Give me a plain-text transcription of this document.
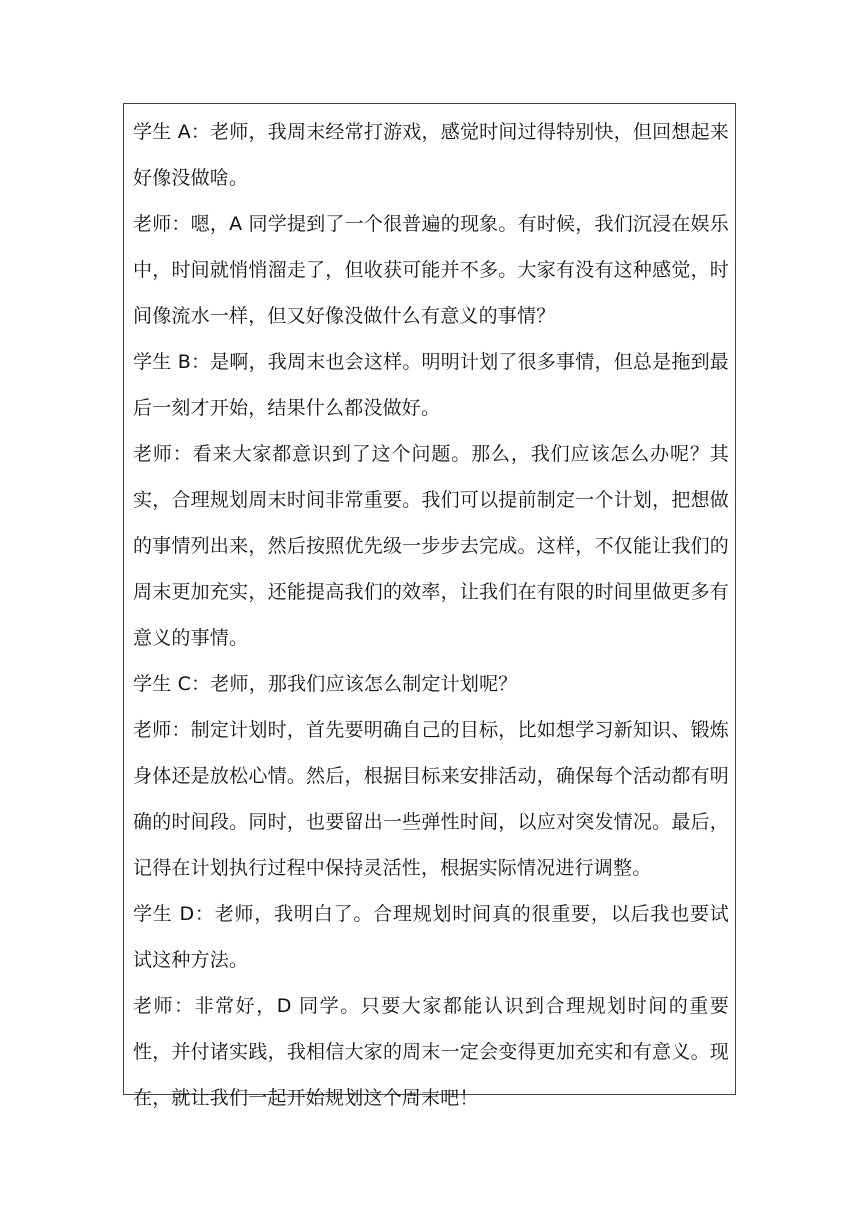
学生 A：老师，我周末经常打游戏，感觉时间过得特别快，但回想起来好像没做啥。

老师：嗯，A 同学提到了一个很普遍的现象。有时候，我们沉浸在娱乐中，时间就悄悄溜走了，但收获可能并不多。大家有没有这种感觉，时间像流水一样，但又好像没做什么有意义的事情？

学生 B：是啊，我周末也会这样。明明计划了很多事情，但总是拖到最后一刻才开始，结果什么都没做好。

老师：看来大家都意识到了这个问题。那么，我们应该怎么办呢？其实，合理规划周末时间非常重要。我们可以提前制定一个计划，把想做的事情列出来，然后按照优先级一步步去完成。这样，不仅能让我们的周末更加充实，还能提高我们的效率，让我们在有限的时间里做更多有意义的事情。

学生 C：老师，那我们应该怎么制定计划呢？

老师：制定计划时，首先要明确自己的目标，比如想学习新知识、锻炼身体还是放松心情。然后，根据目标来安排活动，确保每个活动都有明确的时间段。同时，也要留出一些弹性时间，以应对突发情况。最后，记得在计划执行过程中保持灵活性，根据实际情况进行调整。

学生 D：老师，我明白了。合理规划时间真的很重要，以后我也要试试这种方法。

老师：非常好，D 同学。只要大家都能认识到合理规划时间的重要性，并付诸实践，我相信大家的周末一定会变得更加充实和有意义。现在，就让我们一起开始规划这个周末吧！
